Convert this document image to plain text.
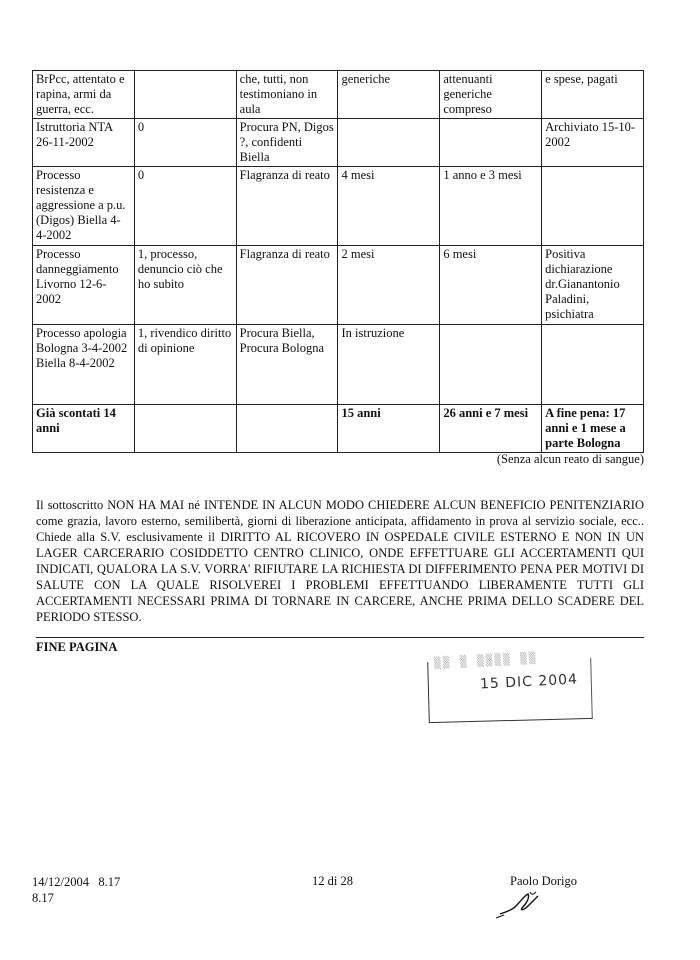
BrPcc, attentato e rapina, armi da guerra, ecc.		che, tutti, non testimoniano in aula	generiche	attenuanti generiche compreso	e spese, pagati
Istruttoria NTA 26-11-2002	0	Procura PN, Digos ?, confidenti Biella			Archiviato 15-10-2002
Processo resistenza e aggressione a p.u. (Digos) Biella 4-4-2002	0	Flagranza di reato	4 mesi	1 anno e 3 mesi	
Processo danneggiamento Livorno 12-6-2002	1, processo, denuncio ciò che ho subito	Flagranza di reato	2 mesi	6 mesi	Positiva dichiarazione dr.Gianantonio Paladini, psichiatra
Processo apologia Bologna 3-4-2002 Biella 8-4-2002	1, rivendico diritto di opinione	Procura Biella, Procura Bologna	In istruzione		
Già scontati 14 anni			15 anni	26 anni e 7 mesi	A fine pena: 17 anni e 1 mese a parte Bologna
(Senza alcun reato di sangue)
Il sottoscritto NON HA MAI né INTENDE IN ALCUN MODO CHIEDERE ALCUN BENEFICIO PENITENZIARIO come grazia, lavoro esterno, semilibertà, giorni di liberazione anticipata, affidamento in prova al servizio sociale, ecc.. Chiede alla S.V. esclusivamente il DIRITTO AL RICOVERO IN OSPEDALE CIVILE ESTERNO E NON IN UN LAGER CARCERARIO COSIDDETTO CENTRO CLINICO, ONDE EFFETTUARE GLI ACCERTAMENTI QUI INDICATI, QUALORA LA S.V. VORRA' RIFIUTARE LA RICHIESTA DI DIFFERIMENTO PENA PER MOTIVI DI SALUTE CON LA QUALE RISOLVEREI I PROBLEMI EFFETTUANDO LIBERAMENTE TUTTI GLI ACCERTAMENTI NECESSARI PRIMA DI TORNARE IN CARCERE, ANCHE PRIMA DELLO SCADERE DEL PERIODO STESSO.
FINE PAGINA
▒▒ ▒ ▒▒▒▒ ▒▒
15 DIC 2004
14/12/2004   8.17
8.17
12 di 28	Paolo Dorigo
